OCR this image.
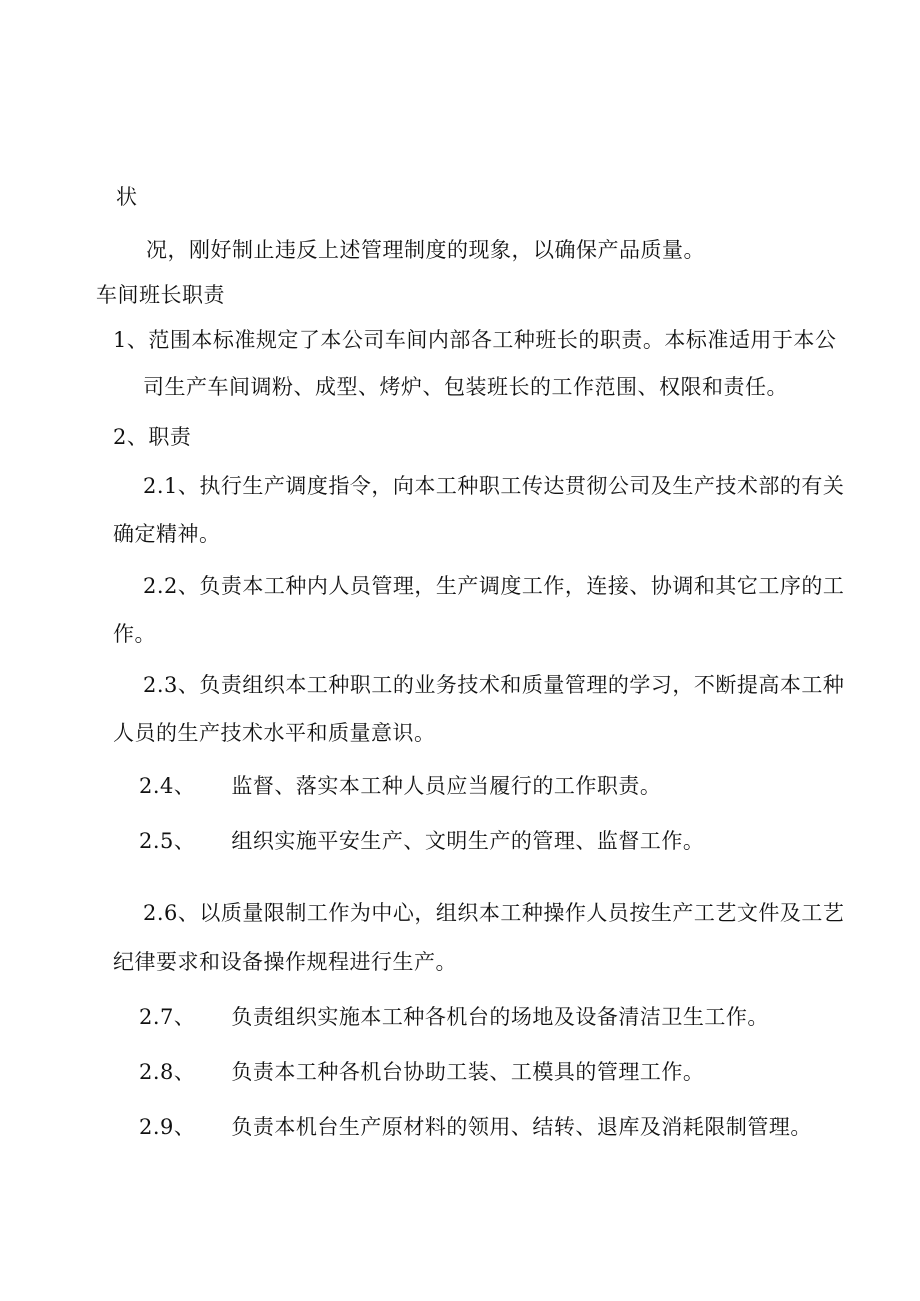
状
况，刚好制止违反上述管理制度的现象，以确保产品质量。
车间班长职责
1、范围本标准规定了本公司车间内部各工种班长的职责。本标准适用于本公
司生产车间调粉、成型、烤炉、包装班长的工作范围、权限和责任。
2、职责
2.1、执行生产调度指令，向本工种职工传达贯彻公司及生产技术部的有关
确定精神。
2.2、负责本工种内人员管理，生产调度工作，连接、协调和其它工序的工
作。
2.3、负责组织本工种职工的业务技术和质量管理的学习，不断提高本工种
人员的生产技术水平和质量意识。
2.4、 监督、落实本工种人员应当履行的工作职责。
2.5、 组织实施平安生产、文明生产的管理、监督工作。
2.6、以质量限制工作为中心，组织本工种操作人员按生产工艺文件及工艺
纪律要求和设备操作规程进行生产。
2.7、 负责组织实施本工种各机台的场地及设备清洁卫生工作。
2.8、 负责本工种各机台协助工装、工模具的管理工作。
2.9、 负责本机台生产原材料的领用、结转、退库及消耗限制管理。
